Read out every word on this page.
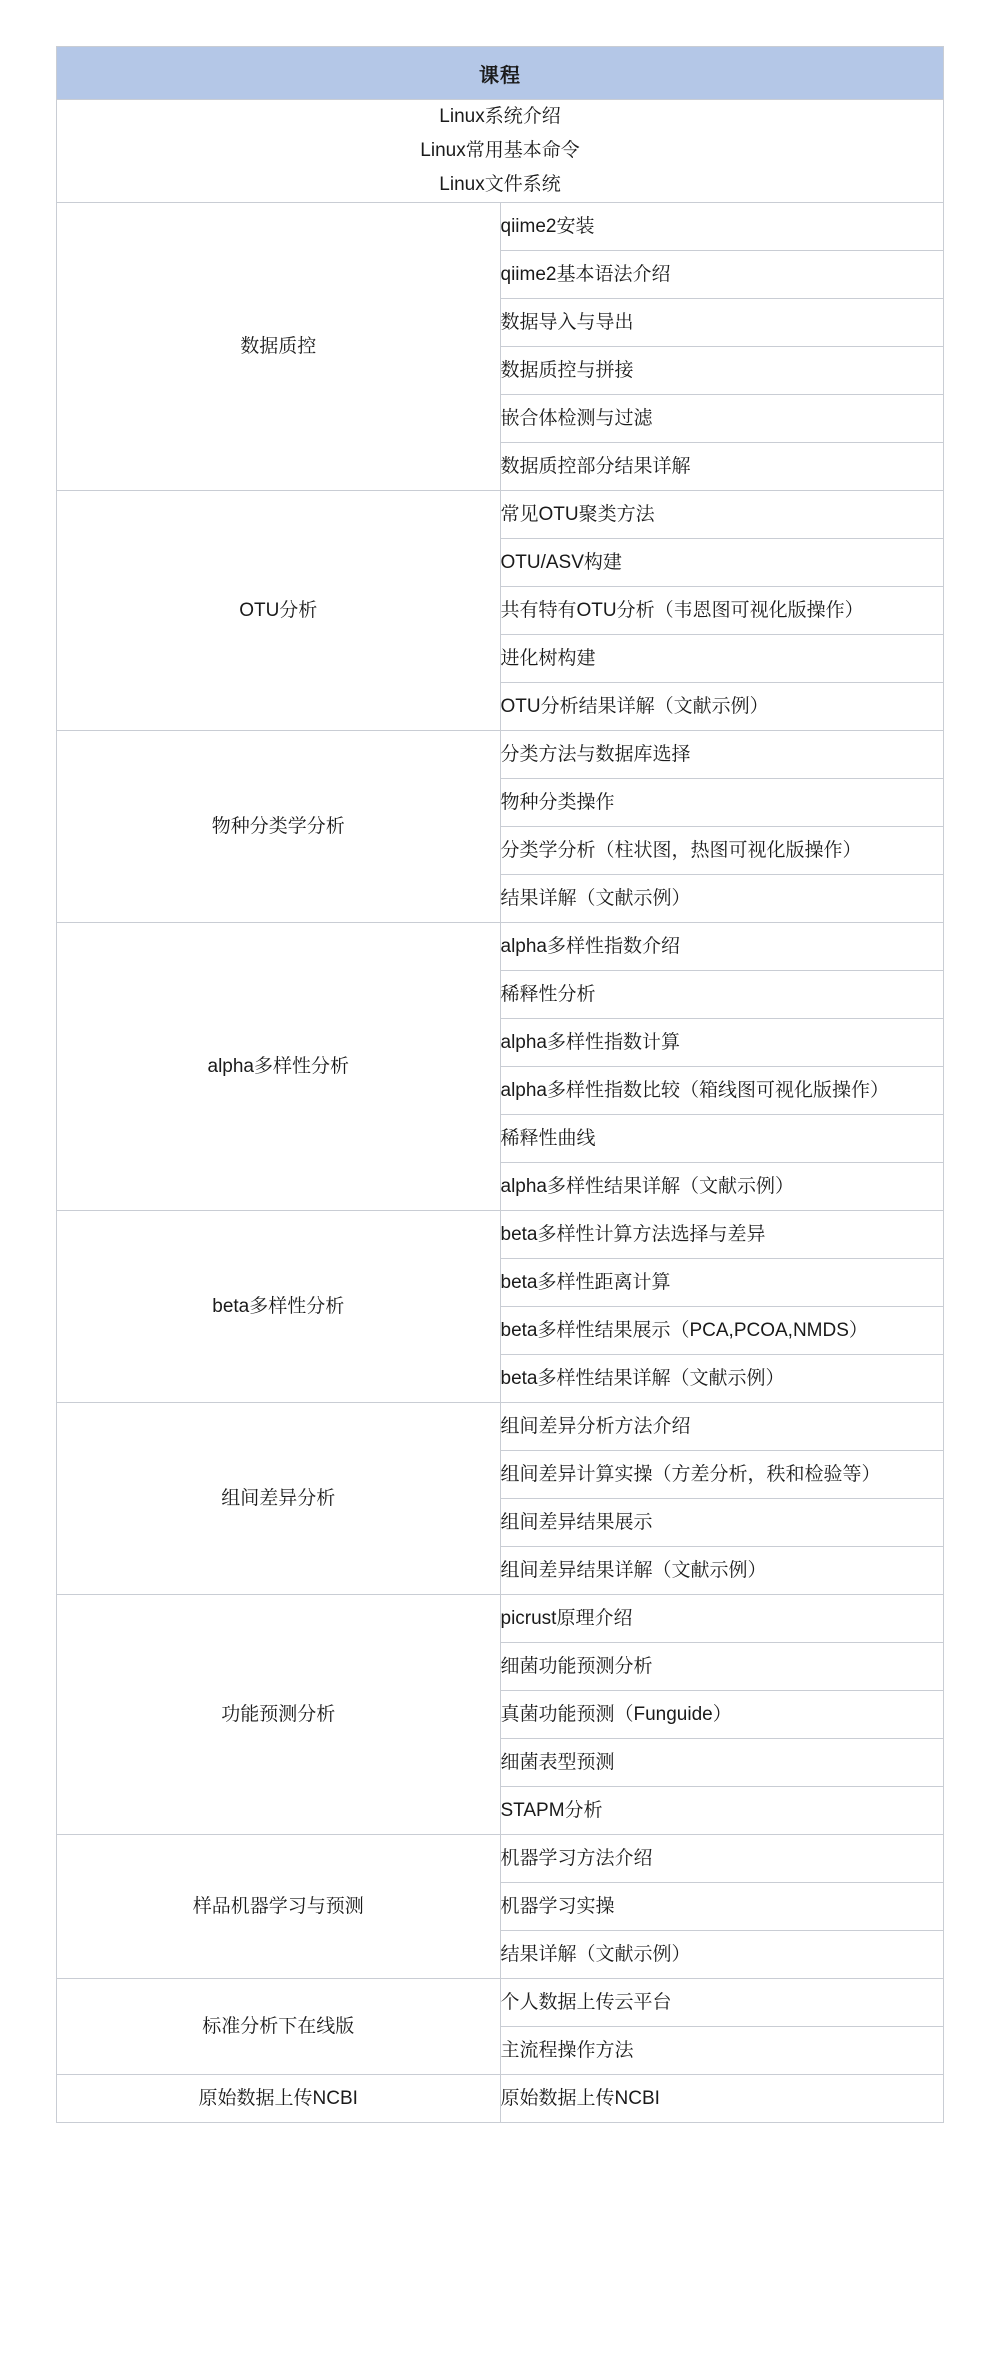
课程	

Linux系统介绍
Linux常用基本命令
Linux文件系统	

数据质控	qiime2安装
	qiime2基本语法介绍
	数据导入与导出
	数据质控与拼接
	嵌合体检测与过滤
	数据质控部分结果详解
OTU分析	常见OTU聚类方法
	OTU/ASV构建
	共有特有OTU分析（韦恩图可视化版操作）
	进化树构建
	OTU分析结果详解（文献示例）
物种分类学分析	分类方法与数据库选择
	物种分类操作
	分类学分析（柱状图，热图可视化版操作）
	结果详解（文献示例）
alpha多样性分析	alpha多样性指数介绍
	稀释性分析
	alpha多样性指数计算
	alpha多样性指数比较（箱线图可视化版操作）
	稀释性曲线
	alpha多样性结果详解（文献示例）
beta多样性分析	beta多样性计算方法选择与差异
	beta多样性距离计算
	beta多样性结果展示（PCA,PCOA,NMDS）
	beta多样性结果详解（文献示例）
组间差异分析	组间差异分析方法介绍
	组间差异计算实操（方差分析，秩和检验等）
	组间差异结果展示
	组间差异结果详解（文献示例）
功能预测分析	picrust原理介绍
	细菌功能预测分析
	真菌功能预测（Funguide）
	细菌表型预测
	STAPM分析
样品机器学习与预测	机器学习方法介绍
	机器学习实操
	结果详解（文献示例）
标准分析下在线版	个人数据上传云平台
	主流程操作方法
原始数据上传NCBI	原始数据上传NCBI
